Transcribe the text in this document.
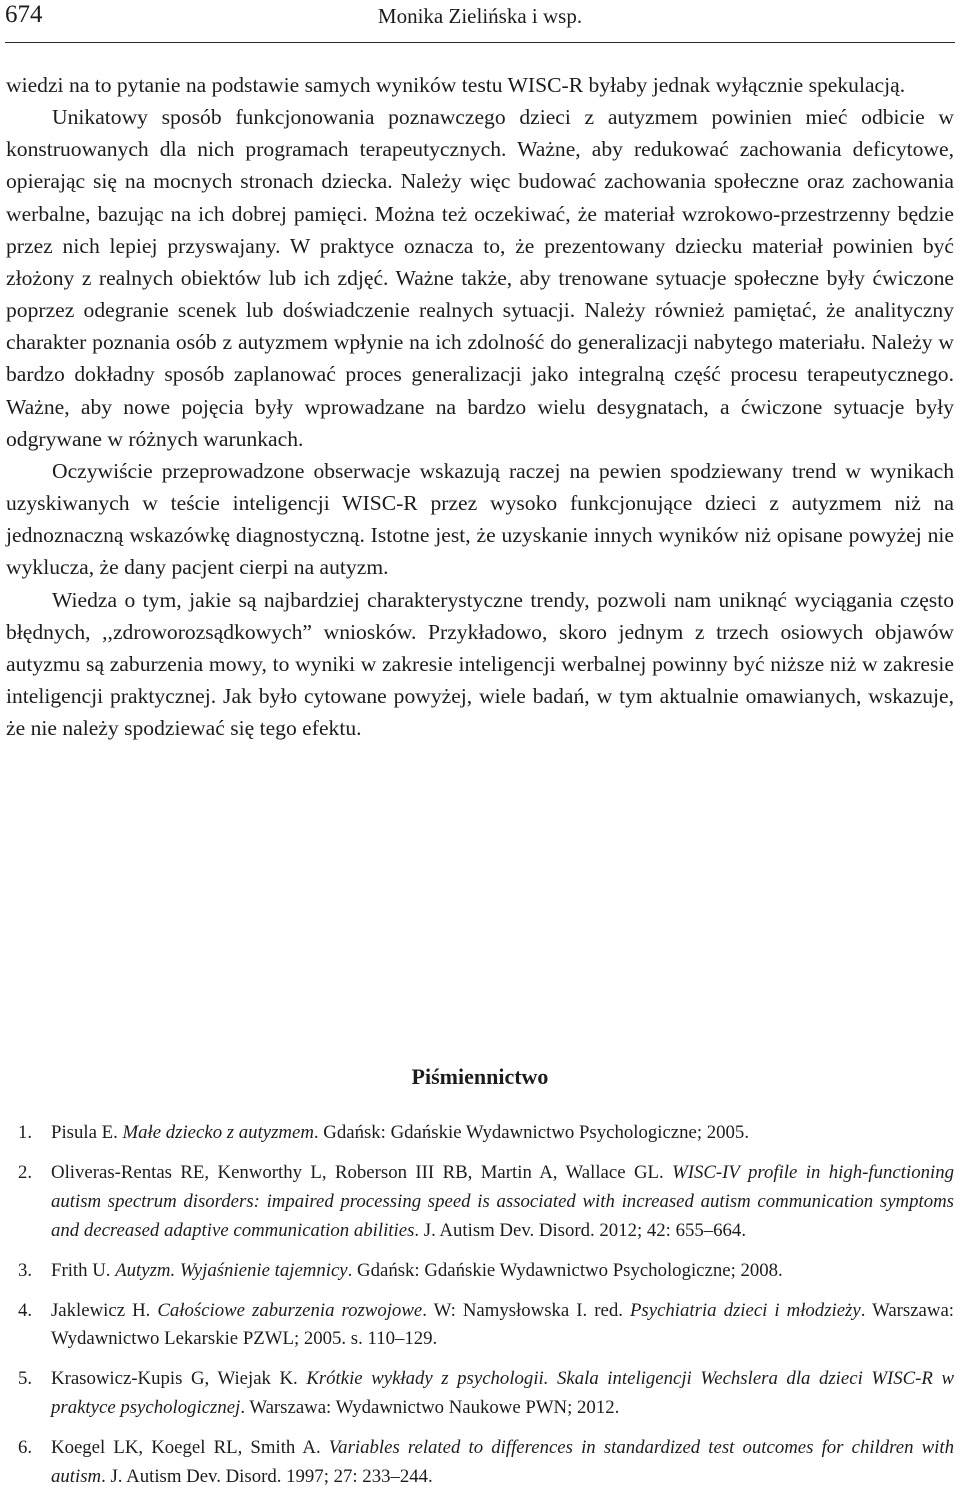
674	Monika Zielińska i wsp.

wiedzi na to pytanie na podstawie samych wyników testu WISC-R byłaby jednak wyłącznie spekulacją.

Unikatowy sposób funkcjonowania poznawczego dzieci z autyzmem powinien mieć odbicie w konstruowanych dla nich programach terapeutycznych. Ważne, aby redukować zachowania deficytowe, opierając się na mocnych stronach dziecka. Należy więc budować zachowania społeczne oraz zachowania werbalne, bazując na ich dobrej pamięci. Można też oczekiwać, że materiał wzrokowo-przestrzenny będzie przez nich lepiej przyswajany. W praktyce oznacza to, że prezentowany dziecku materiał powinien być złożony z realnych obiektów lub ich zdjęć. Ważne także, aby trenowane sytuacje społeczne były ćwiczone poprzez odegranie scenek lub doświadczenie realnych sytuacji. Należy również pamiętać, że analityczny charakter poznania osób z autyzmem wpłynie na ich zdolność do generalizacji nabytego materiału. Należy w bardzo dokładny sposób zaplanować proces generalizacji jako integralną część procesu terapeutycznego. Ważne, aby nowe pojęcia były wprowadzane na bardzo wielu desygnatach, a ćwiczone sytuacje były odgrywane w różnych warunkach.

Oczywiście przeprowadzone obserwacje wskazują raczej na pewien spodziewany trend w wynikach uzyskiwanych w teście inteligencji WISC-R przez wysoko funkcjonujące dzieci z autyzmem niż na jednoznaczną wskazówkę diagnostyczną. Istotne jest, że uzyskanie innych wyników niż opisane powyżej nie wyklucza, że dany pacjent cierpi na autyzm.

Wiedza o tym, jakie są najbardziej charakterystyczne trendy, pozwoli nam uniknąć wyciągania często błędnych, ,,zdroworozsądkowych” wniosków. Przykładowo, skoro jednym z trzech osiowych objawów autyzmu są zaburzenia mowy, to wyniki w zakresie inteligencji werbalnej powinny być niższe niż w zakresie inteligencji praktycznej. Jak było cytowane powyżej, wiele badań, w tym aktualnie omawianych, wskazuje, że nie należy spodziewać się tego efektu.

Piśmiennictwo
1. Pisula E. Małe dziecko z autyzmem. Gdańsk: Gdańskie Wydawnictwo Psychologiczne; 2005.
2. Oliveras-Rentas RE, Kenworthy L, Roberson III RB, Martin A, Wallace GL. WISC-IV profile in high-functioning autism spectrum disorders: impaired processing speed is associated with increased autism communication symptoms and decreased adaptive communication abilities. J. Autism Dev. Disord. 2012; 42: 655–664.
3. Frith U. Autyzm. Wyjaśnienie tajemnicy. Gdańsk: Gdańskie Wydawnictwo Psychologiczne; 2008.
4. Jaklewicz H. Całościowe zaburzenia rozwojowe. W: Namysłowska I. red. Psychiatria dzieci i młodzieży. Warszawa: Wydawnictwo Lekarskie PZWL; 2005. s. 110–129.
5. Krasowicz-Kupis G, Wiejak K. Krótkie wykłady z psychologii. Skala inteligencji Wechslera dla dzieci WISC-R w praktyce psychologicznej. Warszawa: Wydawnictwo Naukowe PWN; 2012.
6. Koegel LK, Koegel RL, Smith A. Variables related to differences in standardized test outcomes for children with autism. J. Autism Dev. Disord. 1997; 27: 233–244.
